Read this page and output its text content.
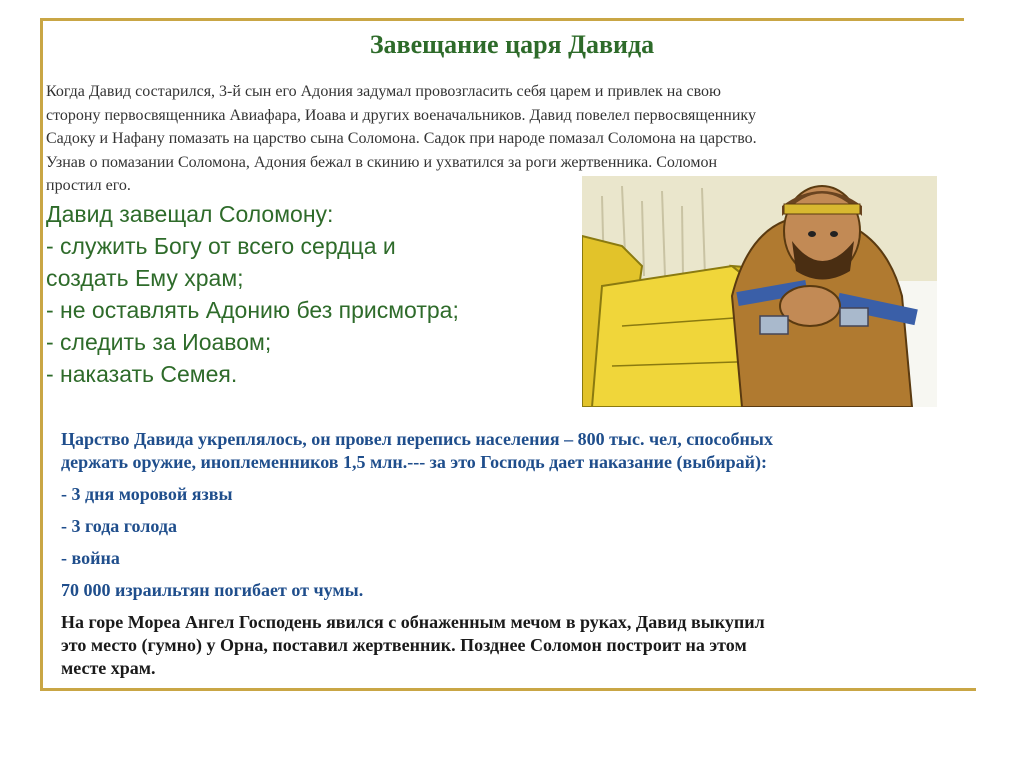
Завещание царя Давида
Когда Давид состарился, 3-й сын его Адония задумал провозгласить себя царем и привлек на свою
сторону первосвященника Авиафара, Иоава и других военачальников. Давид повелел первосвященнику
Садоку и Нафану помазать на царство сына Соломона. Садок при народе помазал Соломона на царство.
Узнав о помазании Соломона, Адония бежал в скинию и ухватился за роги жертвенника. Соломон
простил его.
Давид завещал Соломону:
- служить Богу от всего сердца и
создать Ему храм;
- не оставлять Адонию без присмотра;
- следить за Иоавом;
- наказать Семея.
Царство Давида укреплялось, он провел перепись населения – 800 тыс. чел, способных
держать оружие, иноплеменников 1,5 млн.--- за это Господь дает наказание (выбирай):
- 3 дня моровой язвы
- 3 года голода
- война
70 000 израильтян погибает от чумы.
На горе Мореа Ангел Господень явился с обнаженным мечом в руках, Давид выкупил
это место (гумно) у Орна, поставил жертвенник. Позднее Соломон построит на этом
месте храм.
